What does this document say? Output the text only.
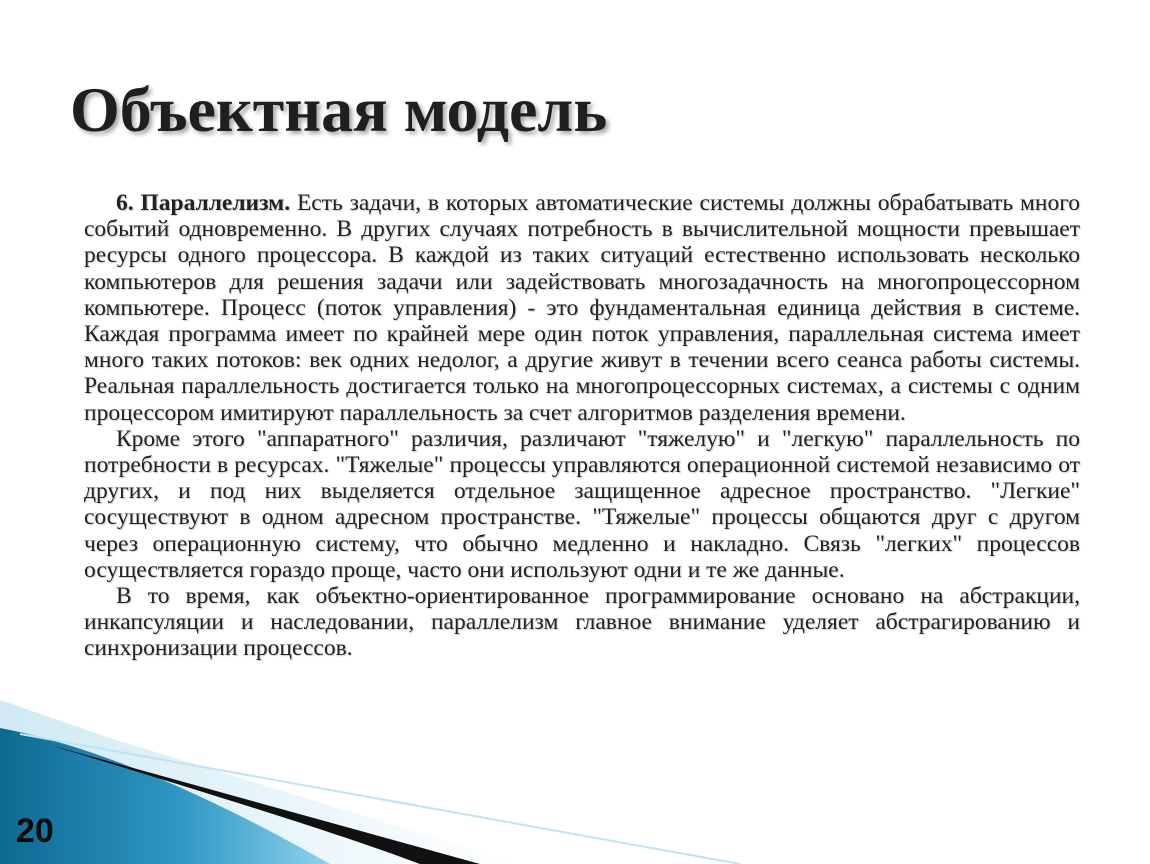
Объектная модель

6. Параллелизм. Есть задачи, в которых автоматические системы должны обрабатывать много событий одновременно. В других случаях потребность в вычислительной мощности превышает ресурсы одного процессора. В каждой из таких ситуаций естественно использовать несколько компьютеров для решения задачи или задействовать многозадачность на многопроцессорном компьютере. Процесс (поток управления) - это фундаментальная единица действия в системе. Каждая программа имеет по крайней мере один поток управления, параллельная система имеет много таких потоков: век одних недолог, а другие живут в течении всего сеанса работы системы. Реальная параллельность достигается только на многопроцессорных системах, а системы с одним процессором имитируют параллельность за счет алгоритмов разделения времени.

Кроме этого "аппаратного" различия, различают "тяжелую" и "легкую" параллельность по потребности в ресурсах. "Тяжелые" процессы управляются операционной системой независимо от других, и под них выделяется отдельное защищенное адресное пространство. "Легкие" сосуществуют в одном адресном пространстве. "Тяжелые" процессы общаются друг с другом через операционную систему, что обычно медленно и накладно. Связь "легких" процессов осуществляется гораздо проще, часто они используют одни и те же данные.

В то время, как объектно-ориентированное программирование основано на абстракции, инкапсуляции и наследовании, параллелизм главное внимание уделяет абстрагированию и синхронизации процессов.

20
